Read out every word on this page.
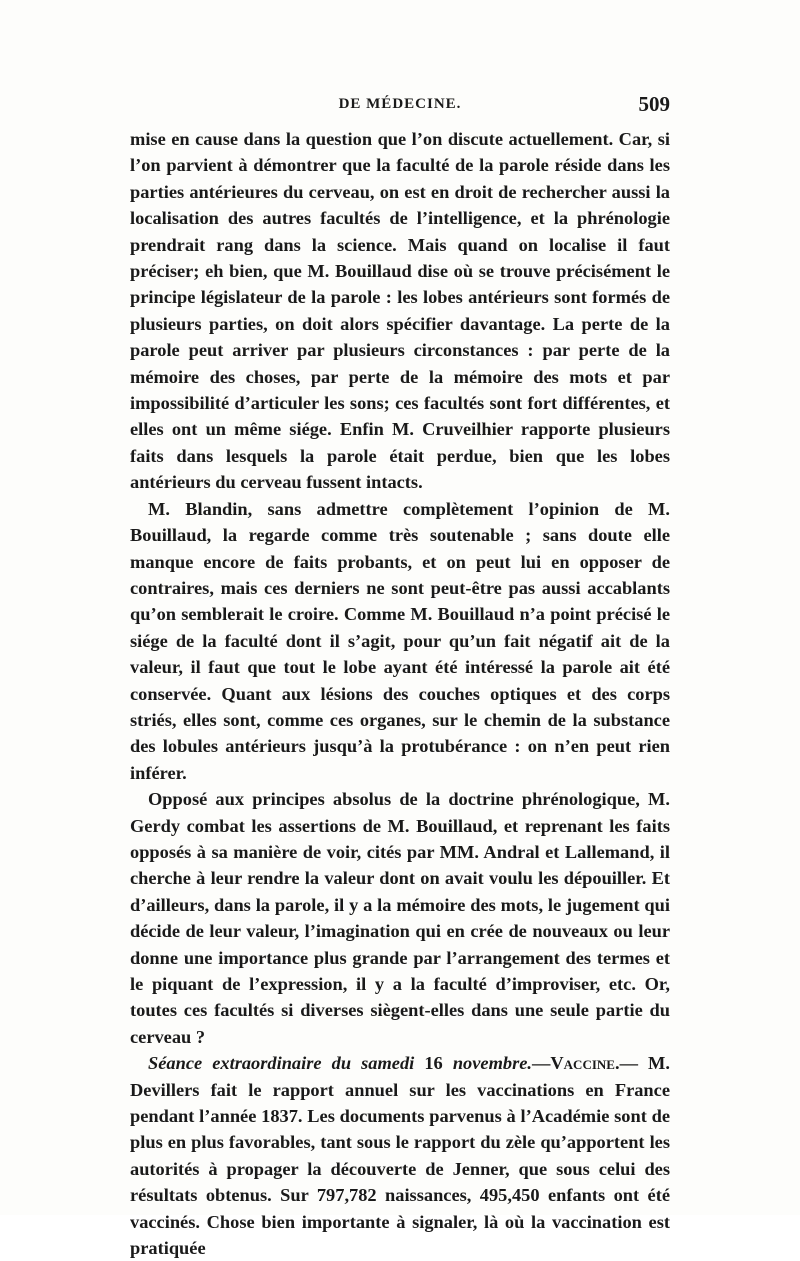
DE MÉDECINE.	509

mise en cause dans la question que l’on discute actuellement. Car, si l’on parvient à démontrer que la faculté de la parole réside dans les parties antérieures du cerveau, on est en droit de rechercher aussi la localisation des autres facultés de l’intelligence, et la phrénologie prendrait rang dans la science. Mais quand on localise il faut préciser; eh bien, que M. Bouillaud dise où se trouve précisément le principe législateur de la parole : les lobes antérieurs sont formés de plusieurs parties, on doit alors spécifier davantage. La perte de la parole peut arriver par plusieurs circonstances : par perte de la mémoire des choses, par perte de la mémoire des mots et par impossibilité d’articuler les sons; ces facultés sont fort différentes, et elles ont un même siége. Enfin M. Cruveilhier rapporte plusieurs faits dans lesquels la parole était perdue, bien que les lobes antérieurs du cerveau fussent intacts.

M. Blandin, sans admettre complètement l’opinion de M. Bouillaud, la regarde comme très soutenable ; sans doute elle manque encore de faits probants, et on peut lui en opposer de contraires, mais ces derniers ne sont peut-être pas aussi accablants qu’on semblerait le croire. Comme M. Bouillaud n’a point précisé le siége de la faculté dont il s’agit, pour qu’un fait négatif ait de la valeur, il faut que tout le lobe ayant été intéressé la parole ait été conservée. Quant aux lésions des couches optiques et des corps striés, elles sont, comme ces organes, sur le chemin de la substance des lobules antérieurs jusqu’à la protubérance : on n’en peut rien inférer.

Opposé aux principes absolus de la doctrine phrénologique, M. Gerdy combat les assertions de M. Bouillaud, et reprenant les faits opposés à sa manière de voir, cités par MM. Andral et Lallemand, il cherche à leur rendre la valeur dont on avait voulu les dépouiller. Et d’ailleurs, dans la parole, il y a la mémoire des mots, le jugement qui décide de leur valeur, l’imagination qui en crée de nouveaux ou leur donne une importance plus grande par l’arrangement des termes et le piquant de l’expression, il y a la faculté d’improviser, etc. Or, toutes ces facultés si diverses siègent-elles dans une seule partie du cerveau ?

Séance extraordinaire du samedi 16 novembre.—Vaccine.— M. Devillers fait le rapport annuel sur les vaccinations en France pendant l’année 1837. Les documents parvenus à l’Académie sont de plus en plus favorables, tant sous le rapport du zèle qu’apportent les autorités à propager la découverte de Jenner, que sous celui des résultats obtenus. Sur 797,782 naissances, 495,450 enfants ont été vaccinés. Chose bien importante à signaler, là où la vaccination est pratiquée
